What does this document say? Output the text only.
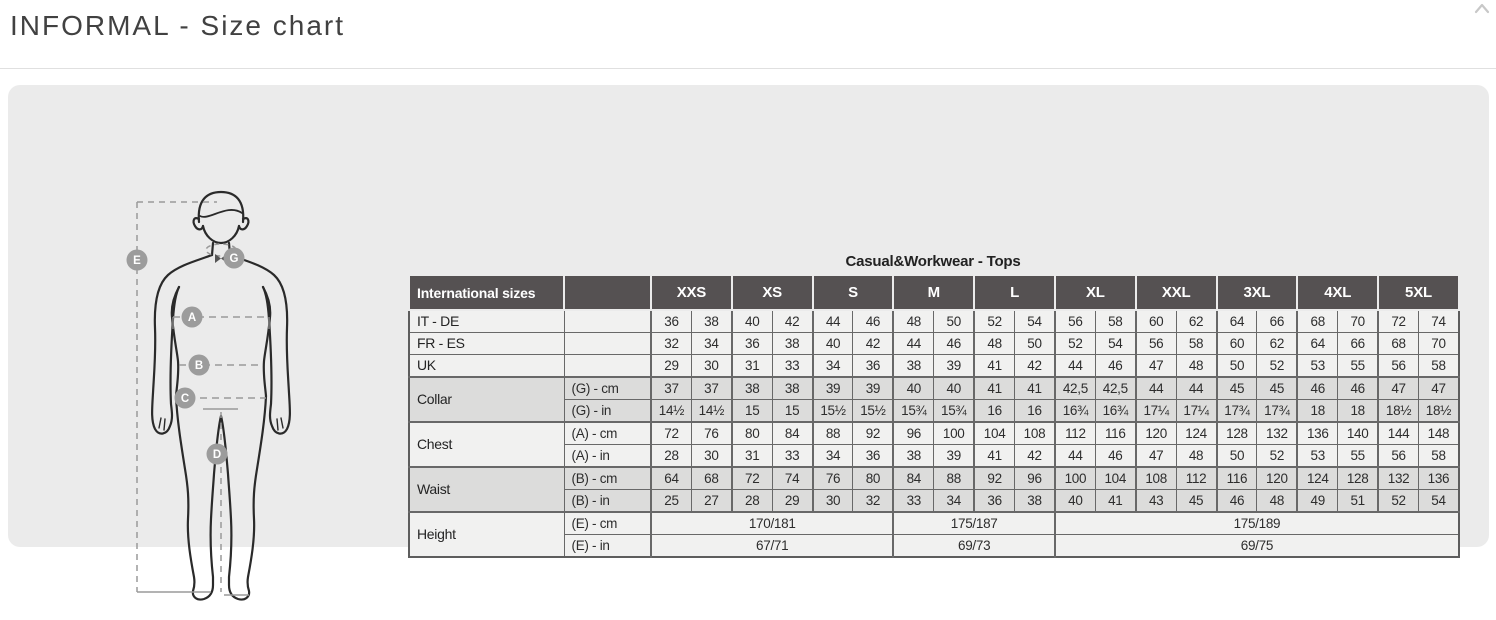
INFORMAL - Size chart
E	G
A
B
C
D
Casual&Workwear - Tops
International sizes		XXS		XS		S		M		L		XL		XXL		3XL		4XL		5XL	
IT - DE		36	38	40	42	44	46	48	50	52	54	56	58	60	62	64	66	68	70	72	74
FR - ES		32	34	36	38	40	42	44	46	48	50	52	54	56	58	60	62	64	66	68	70
UK		29	30	31	33	34	36	38	39	41	42	44	46	47	48	50	52	53	55	56	58
Collar	(G) - cm	37	37	38	38	39	39	40	40	41	41	42,5	42,5	44	44	45	45	46	46	47	47
	(G) - in	14½	14½	15	15	15½	15½	15¾	15¾	16	16	16¾	16¾	17¼	17¼	17¾	17¾	18	18	18½	18½
Chest	(A) - cm	72	76	80	84	88	92	96	100	104	108	112	116	120	124	128	132	136	140	144	148
	(A) - in	28	30	31	33	34	36	38	39	41	42	44	46	47	48	50	52	53	55	56	58
Waist	(B) - cm	64	68	72	74	76	80	84	88	92	96	100	104	108	112	116	120	124	128	132	136
	(B) - in	25	27	28	29	30	32	33	34	36	38	40	41	43	45	46	48	49	51	52	54
Height	(E) - cm	170/181						175/187				175/189									
	(E) - in	67/71						69/73				69/75									
